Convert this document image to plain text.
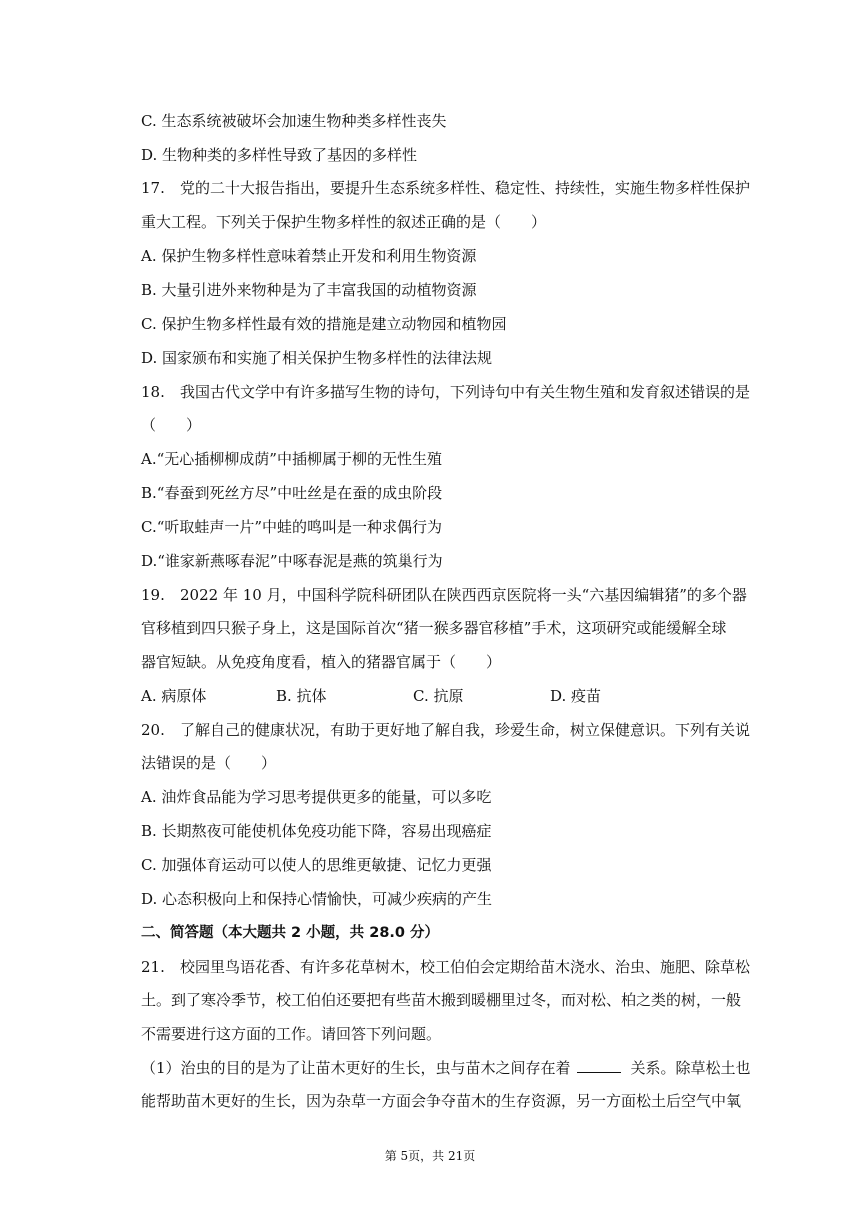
C. 生态系统被破坏会加速生物种类多样性丧失
D. 生物种类的多样性导致了基因的多样性
17. 党的二十大报告指出，要提升生态系统多样性、稳定性、持续性，实施生物多样性保护
重大工程。下列关于保护生物多样性的叙述正确的是（　　）
A. 保护生物多样性意味着禁止开发和利用生物资源
B. 大量引进外来物种是为了丰富我国的动植物资源
C. 保护生物多样性最有效的措施是建立动物园和植物园
D. 国家颁布和实施了相关保护生物多样性的法律法规
18. 我国古代文学中有许多描写生物的诗句，下列诗句中有关生物生殖和发育叙述错误的是
（　　）
A.“无心插柳柳成荫”中插柳属于柳的无性生殖
B.“春蚕到死丝方尽”中吐丝是在蚕的成虫阶段
C.“听取蛙声一片”中蛙的鸣叫是一种求偶行为
D.“谁家新燕啄春泥”中啄春泥是燕的筑巢行为
19. 2022 年 10 月，中国科学院科研团队在陕西西京医院将一头“六基因编辑猪”的多个器
官移植到四只猴子身上，这是国际首次“猪一猴多器官移植”手术，这项研究或能缓解全球
器官短缺。从免疫角度看，植入的猪器官属于（　　）
A. 病原体	B. 抗体	C. 抗原	D. 疫苗
20. 了解自己的健康状况，有助于更好地了解自我，珍爱生命，树立保健意识。下列有关说
法错误的是（　　）
A. 油炸食品能为学习思考提供更多的能量，可以多吃
B. 长期熬夜可能使机体免疫功能下降，容易出现癌症
C. 加强体育运动可以使人的思维更敏捷、记忆力更强
D. 心态积极向上和保持心情愉快，可减少疾病的产生
二、简答题（本大题共 2 小题，共 28.0 分）
21. 校园里鸟语花香、有许多花草树木，校工伯伯会定期给苗木浇水、治虫、施肥、除草松
土。到了寒冷季节，校工伯伯还要把有些苗木搬到暖棚里过冬，而对松、柏之类的树，一般
不需要进行这方面的工作。请回答下列问题。
（1）治虫的目的是为了让苗木更好的生长，虫与苗木之间存在着	关系。除草松土也
能帮助苗木更好的生长，因为杂草一方面会争夺苗木的生存资源，另一方面松土后空气中氧
第 5页，共 21页
